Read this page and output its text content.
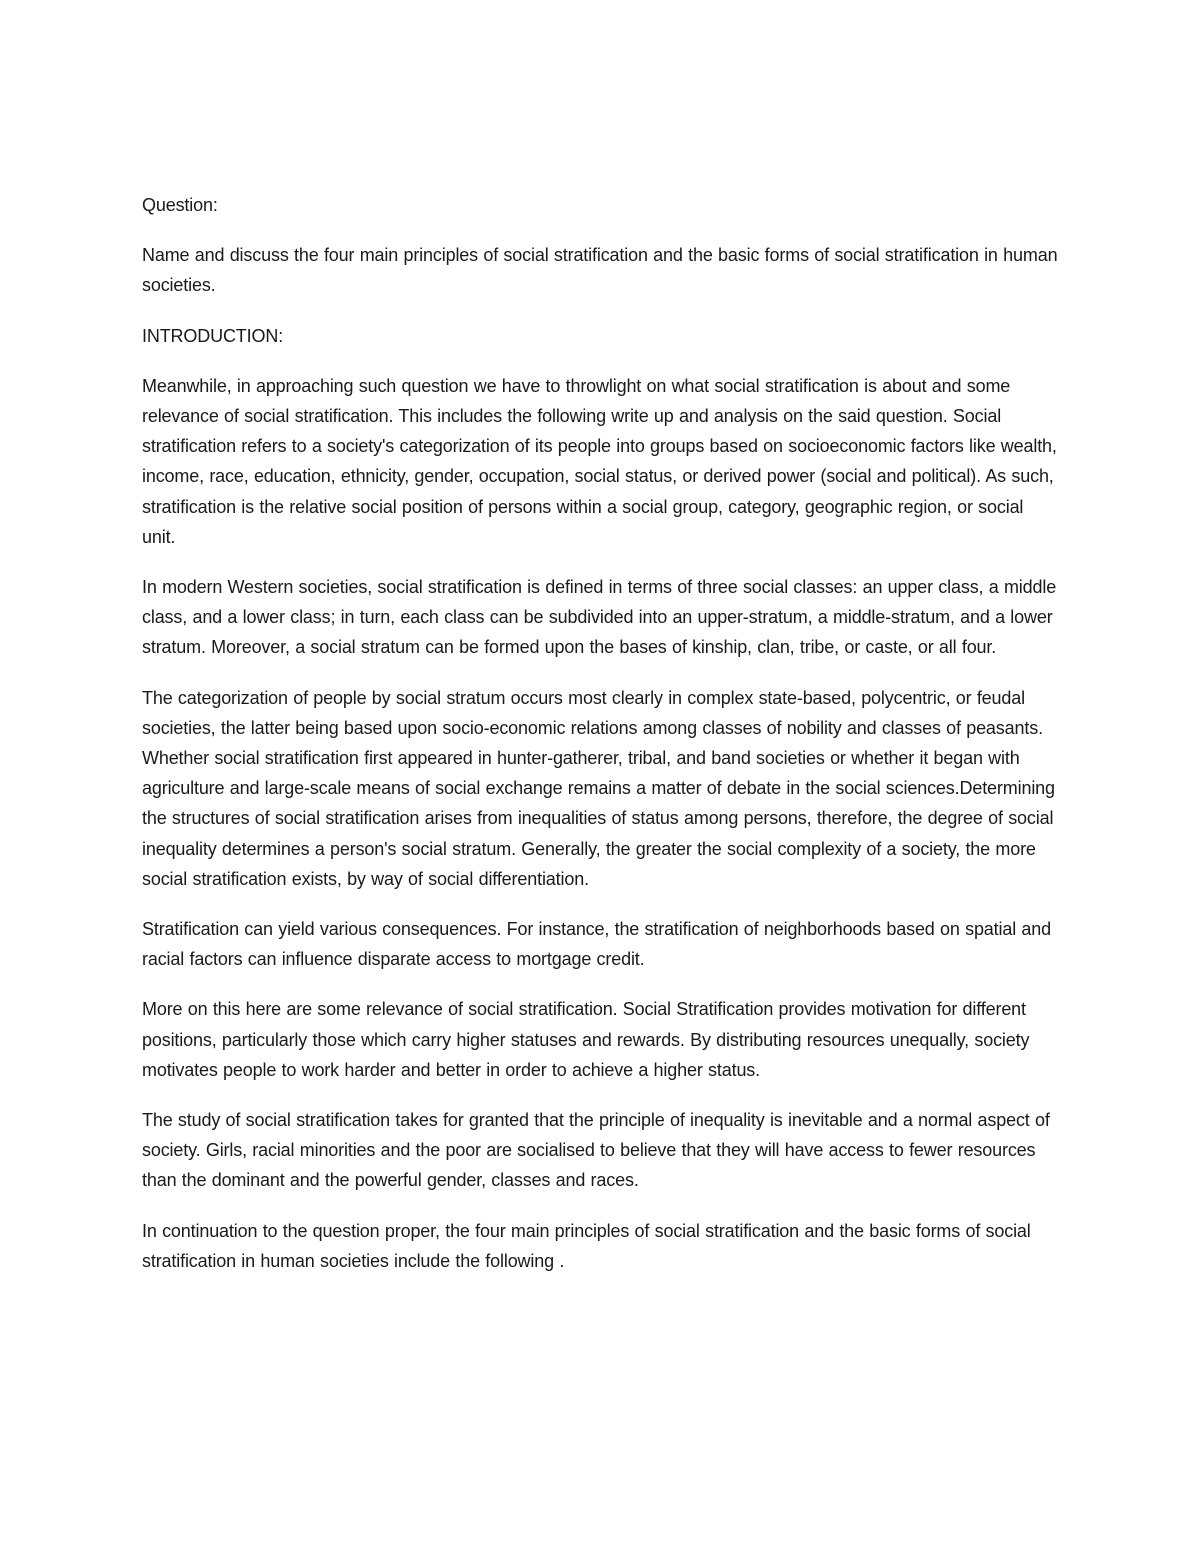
Question:

Name and discuss the four main principles of social stratification and the basic forms of social stratification in human societies.

INTRODUCTION:

Meanwhile, in approaching such question we have to throwlight on what social stratification is about and some relevance of social stratification. This includes the following write up and analysis on the said question. Social stratification refers to a society's categorization of its people into groups based on socioeconomic factors like wealth, income, race, education, ethnicity, gender, occupation, social status, or derived power (social and political). As such, stratification is the relative social position of persons within a social group, category, geographic region, or social unit.

In modern Western societies, social stratification is defined in terms of three social classes: an upper class, a middle class, and a lower class; in turn, each class can be subdivided into an upper-stratum, a middle-stratum, and a lower stratum. Moreover, a social stratum can be formed upon the bases of kinship, clan, tribe, or caste, or all four.

The categorization of people by social stratum occurs most clearly in complex state-based, polycentric, or feudal societies, the latter being based upon socio-economic relations among classes of nobility and classes of peasants. Whether social stratification first appeared in hunter-gatherer, tribal, and band societies or whether it began with agriculture and large-scale means of social exchange remains a matter of debate in the social sciences.Determining the structures of social stratification arises from inequalities of status among persons, therefore, the degree of social inequality determines a person's social stratum. Generally, the greater the social complexity of a society, the more social stratification exists, by way of social differentiation.

Stratification can yield various consequences. For instance, the stratification of neighborhoods based on spatial and racial factors can influence disparate access to mortgage credit.

More on this here are some relevance of social stratification. Social Stratification provides motivation for different positions, particularly those which carry higher statuses and rewards. By distributing resources unequally, society motivates people to work harder and better in order to achieve a higher status.

The study of social stratification takes for granted that the principle of inequality is inevitable and a normal aspect of society. Girls, racial minorities and the poor are socialised to believe that they will have access to fewer resources than the dominant and the powerful gender, classes and races.

In continuation to the question proper, the four main principles of social stratification and the basic forms of social stratification in human societies include the following .
